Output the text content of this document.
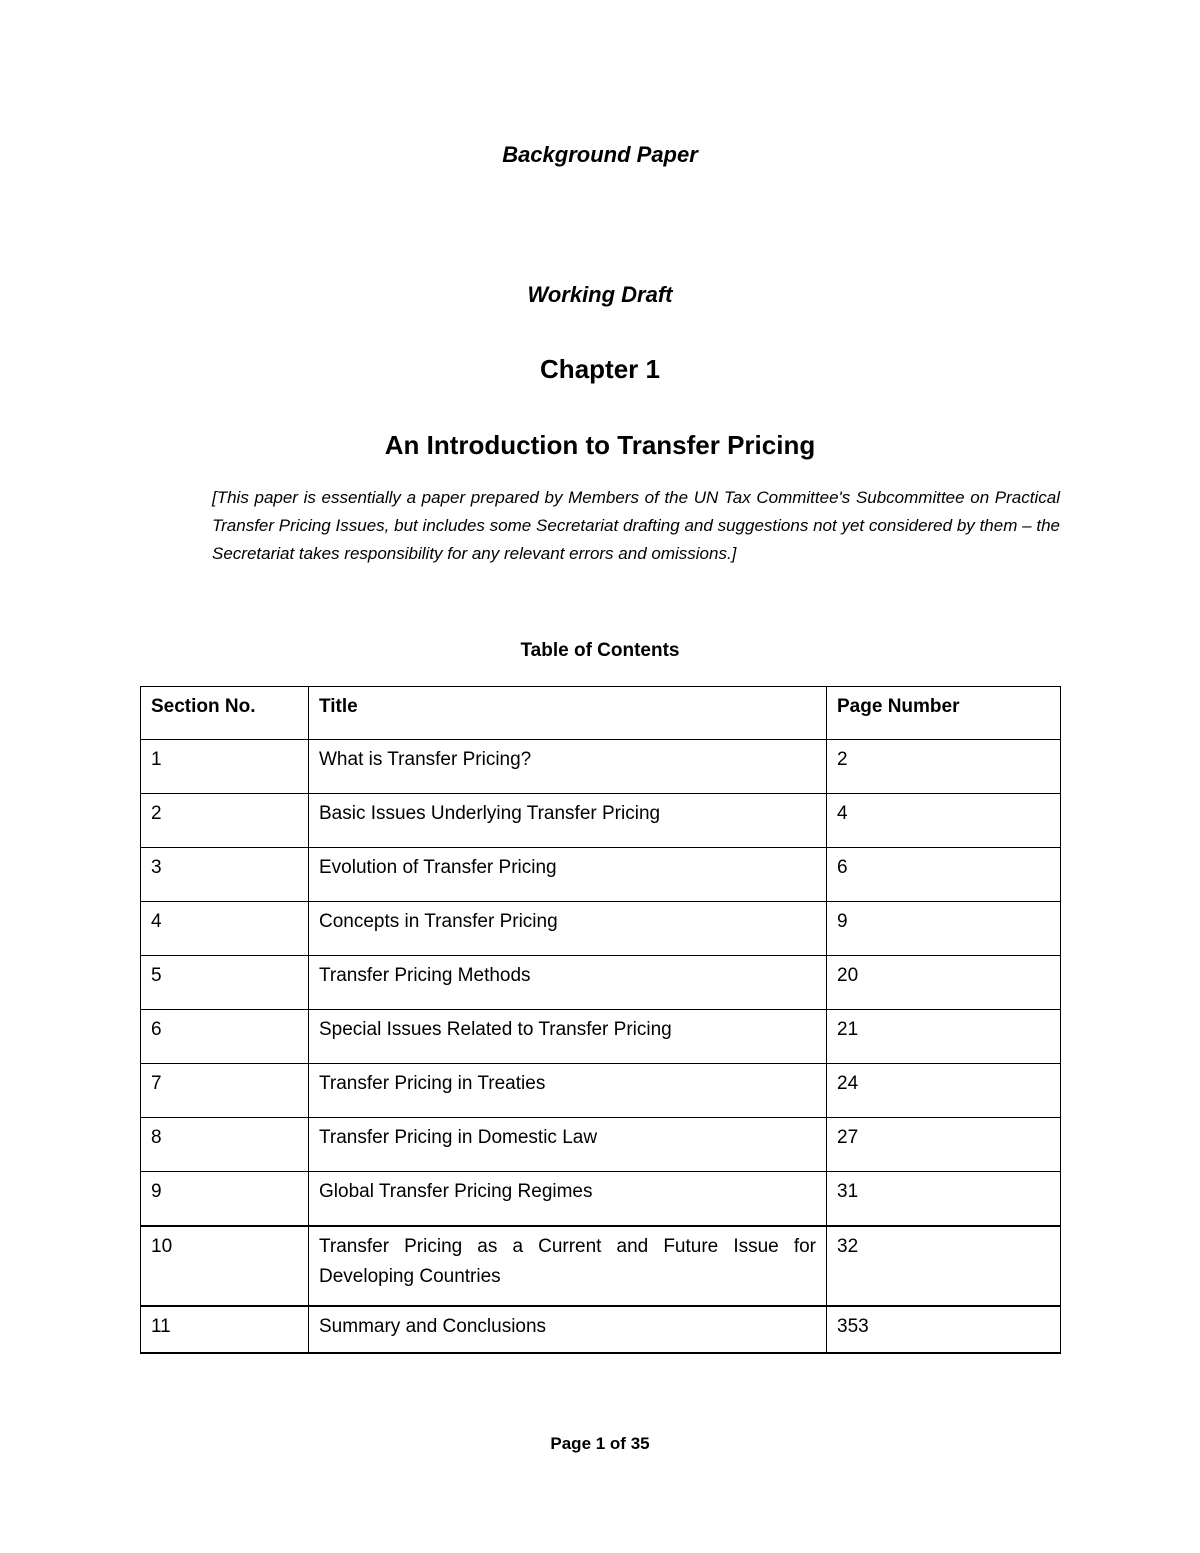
Background Paper

Working Draft

Chapter 1

An Introduction to Transfer Pricing

[This paper is essentially a paper prepared by Members of the UN Tax Committee's Subcommittee on Practical Transfer Pricing Issues, but includes some Secretariat drafting and suggestions not yet considered by them – the Secretariat takes responsibility for any relevant errors and omissions.]

Table of Contents

Section No.	Title	Page Number
1	What is Transfer Pricing?	2
2	Basic Issues Underlying Transfer Pricing	4
3	Evolution of Transfer Pricing	6
4	Concepts in Transfer Pricing	9
5	Transfer Pricing Methods	20
6	Special Issues Related to Transfer Pricing	21
7	Transfer Pricing in Treaties	24
8	Transfer Pricing in Domestic Law	27
9	Global Transfer Pricing Regimes	31
10	Transfer Pricing as a Current and Future Issue for Developing Countries	32
11	Summary and Conclusions	353

Page 1 of 35
